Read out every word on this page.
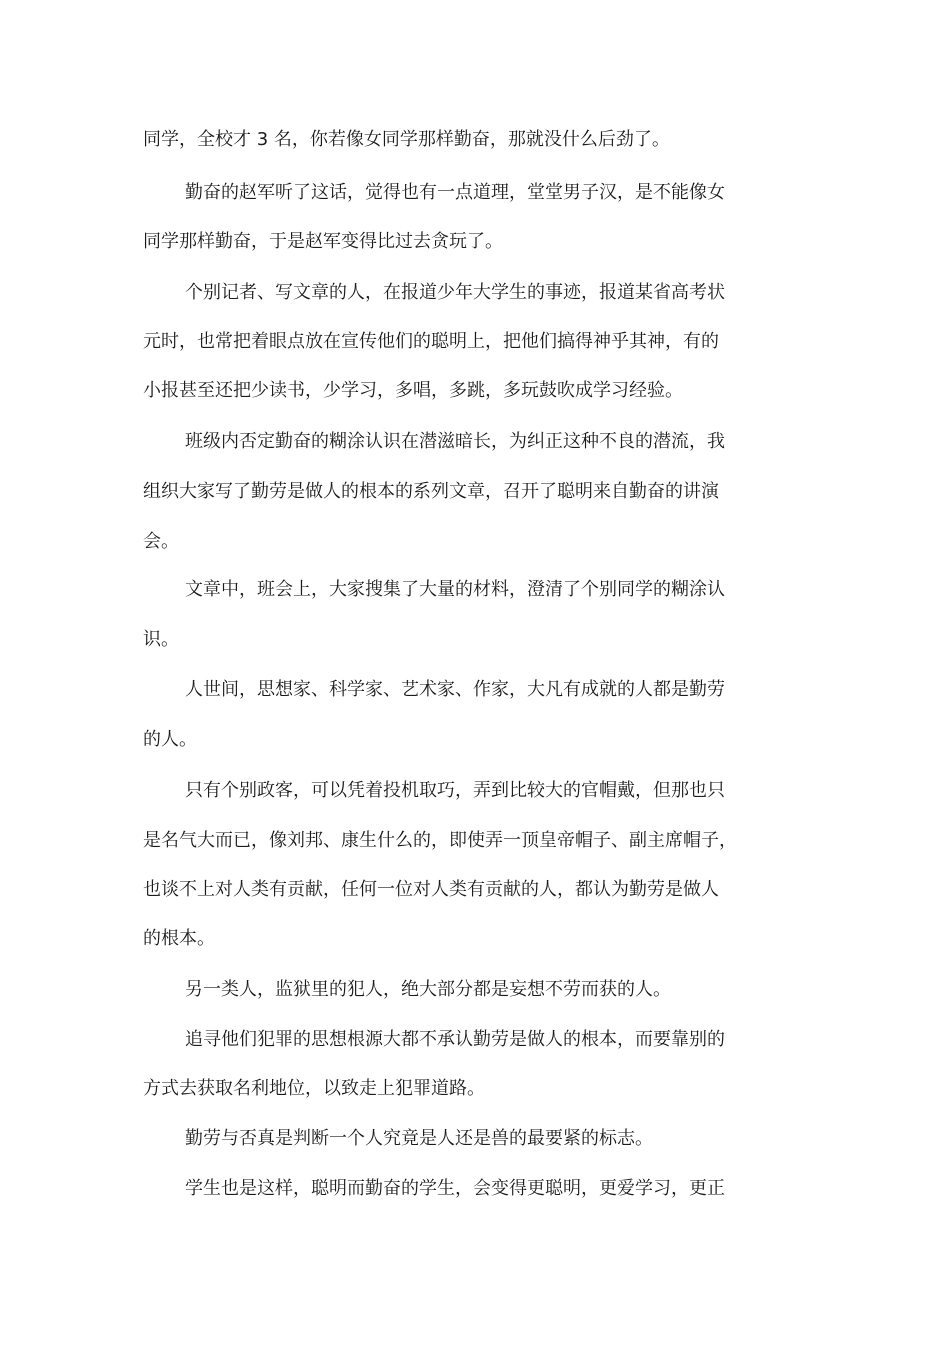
同学，全校才 3 名，你若像女同学那样勤奋，那就没什么后劲了。

勤奋的赵军听了这话，觉得也有一点道理，堂堂男子汉，是不能像女

同学那样勤奋，于是赵军变得比过去贪玩了。

个别记者、写文章的人，在报道少年大学生的事迹，报道某省高考状

元时，也常把着眼点放在宣传他们的聪明上，把他们搞得神乎其神，有的

小报甚至还把少读书，少学习，多唱，多跳，多玩鼓吹成学习经验。

班级内否定勤奋的糊涂认识在潜滋暗长，为纠正这种不良的潜流，我

组织大家写了勤劳是做人的根本的系列文章，召开了聪明来自勤奋的讲演

会。

文章中，班会上，大家搜集了大量的材料，澄清了个别同学的糊涂认

识。

人世间，思想家、科学家、艺术家、作家，大凡有成就的人都是勤劳

的人。

只有个别政客，可以凭着投机取巧，弄到比较大的官帽戴，但那也只

是名气大而已，像刘邦、康生什么的，即使弄一顶皇帝帽子、副主席帽子，

也谈不上对人类有贡献，任何一位对人类有贡献的人，都认为勤劳是做人

的根本。

另一类人，监狱里的犯人，绝大部分都是妄想不劳而获的人。

追寻他们犯罪的思想根源大都不承认勤劳是做人的根本，而要靠别的

方式去获取名利地位，以致走上犯罪道路。

勤劳与否真是判断一个人究竟是人还是兽的最要紧的标志。

学生也是这样，聪明而勤奋的学生，会变得更聪明，更爱学习，更正
